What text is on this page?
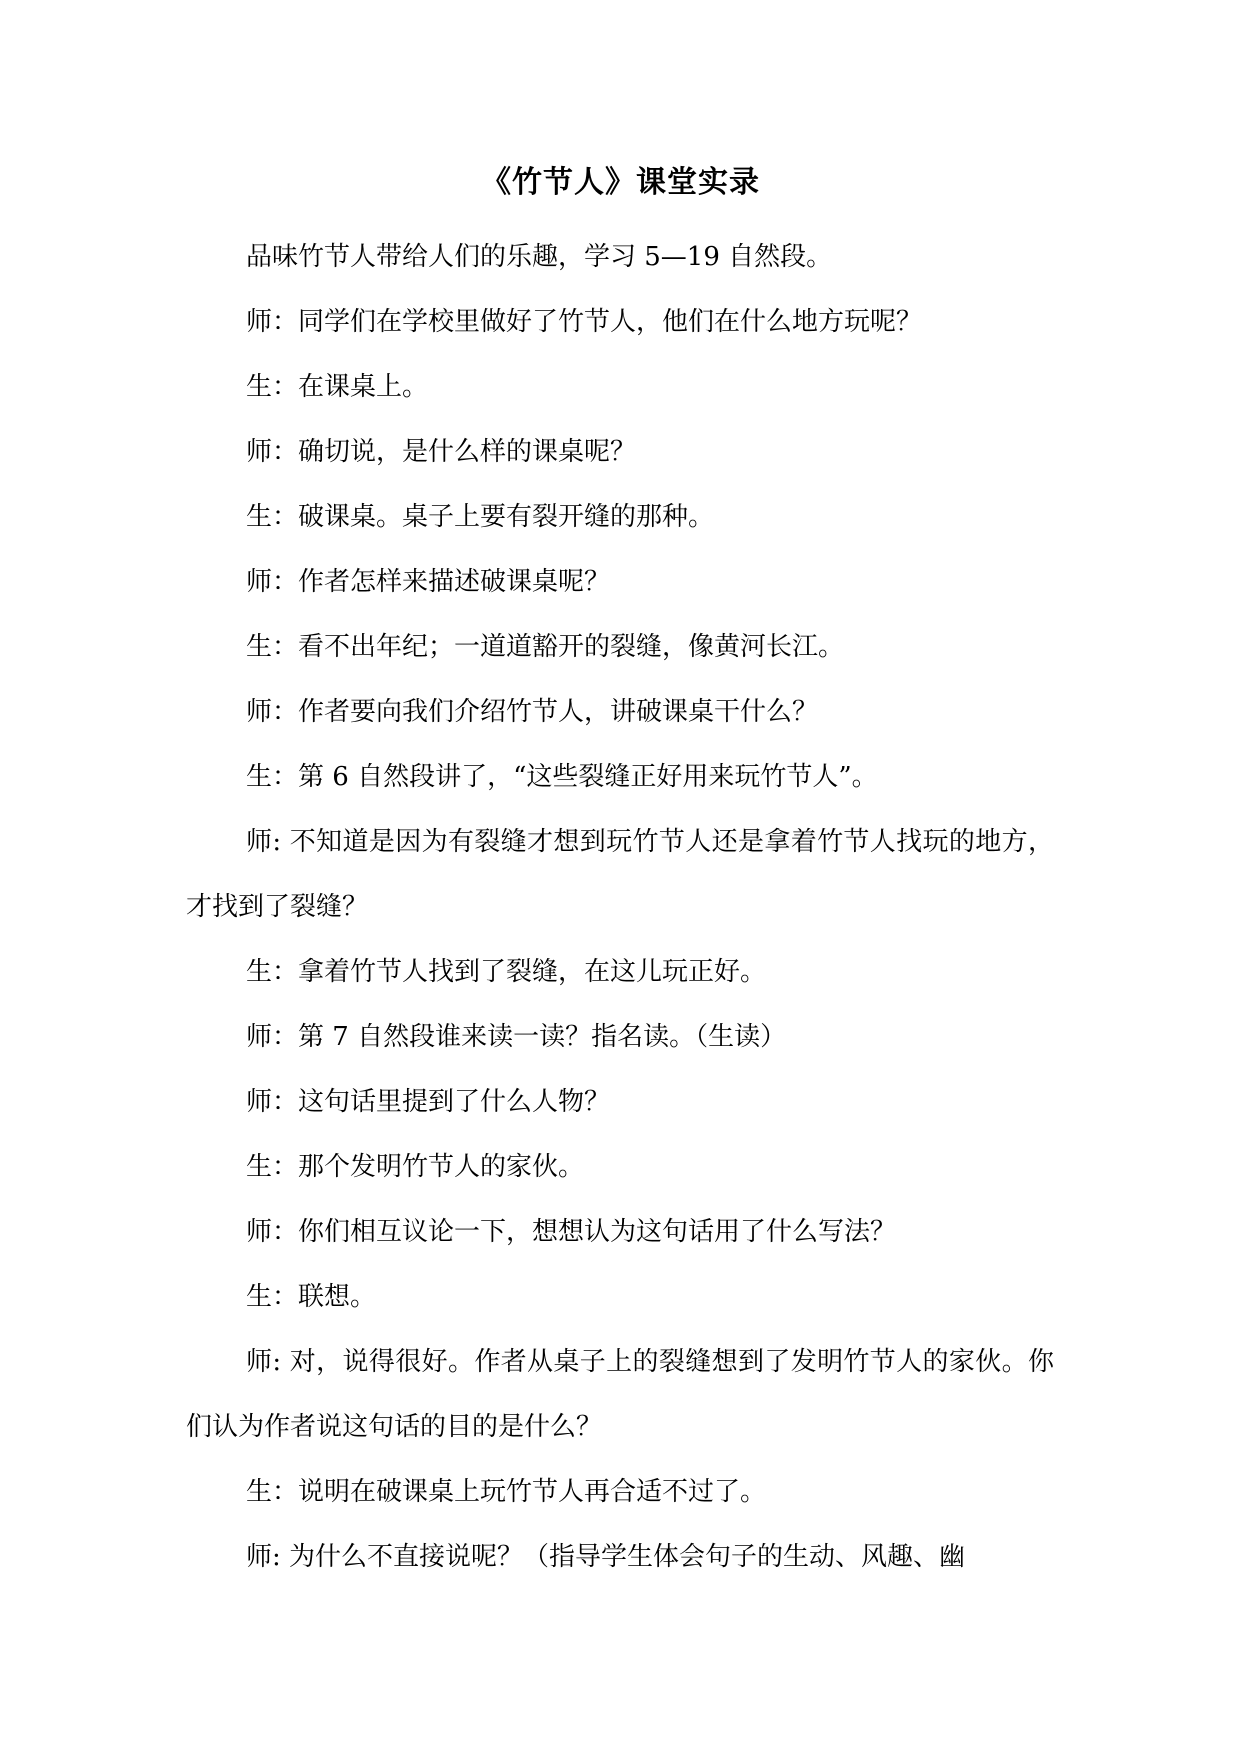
《竹节人》课堂实录

品味竹节人带给人们的乐趣，学习 5—19 自然段。

师：同学们在学校里做好了竹节人，他们在什么地方玩呢？

生：在课桌上。

师：确切说，是什么样的课桌呢？

生：破课桌。桌子上要有裂开缝的那种。

师：作者怎样来描述破课桌呢？

生：看不出年纪；一道道豁开的裂缝，像黄河长江。

师：作者要向我们介绍竹节人，讲破课桌干什么？

生：第 6 自然段讲了，“这些裂缝正好用来玩竹节人”。

师: 不知道是因为有裂缝才想到玩竹节人还是拿着竹节人找玩的地方，才找到了裂缝？

生：拿着竹节人找到了裂缝，在这儿玩正好。

师：第 7 自然段谁来读一读？指名读。（生读）

师：这句话里提到了什么人物？

生：那个发明竹节人的家伙。

师：你们相互议论一下，想想认为这句话用了什么写法？

生：联想。

师: 对，说得很好。作者从桌子上的裂缝想到了发明竹节人的家伙。你们认为作者说这句话的目的是什么？

生：说明在破课桌上玩竹节人再合适不过了。

师: 为什么不直接说呢？（指导学生体会句子的生动、风趣、幽
